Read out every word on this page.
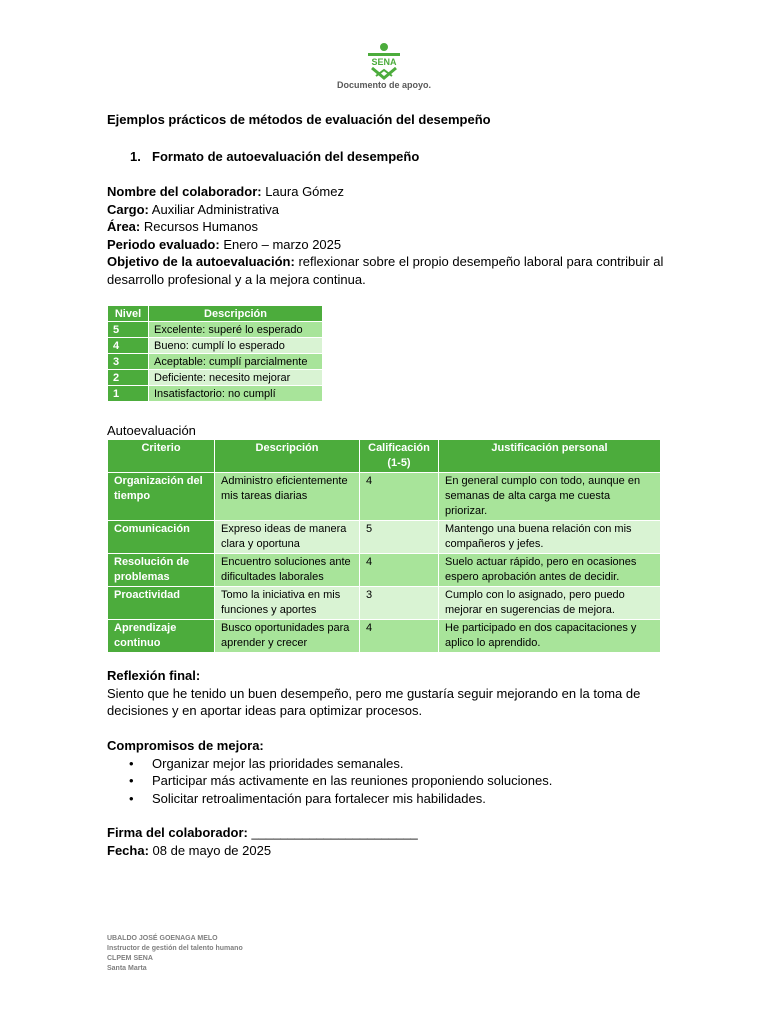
SENA
Documento de apoyo.
Ejemplos prácticos de métodos de evaluación del desempeño
1. Formato de autoevaluación del desempeño
Nombre del colaborador: Laura Gómez
Cargo: Auxiliar Administrativa
Área: Recursos Humanos
Periodo evaluado: Enero – marzo 2025
Objetivo de la autoevaluación: reflexionar sobre el propio desempeño laboral para contribuir al desarrollo profesional y a la mejora continua.
Nivel	Descripción
5	Excelente: superé lo esperado
4	Bueno: cumplí lo esperado
3	Aceptable: cumplí parcialmente
2	Deficiente: necesito mejorar
1	Insatisfactorio: no cumplí
Autoevaluación
Criterio	Descripción	Calificación (1-5)	Justificación personal
Organización del tiempo	Administro eficientemente mis tareas diarias	4	En general cumplo con todo, aunque en semanas de alta carga me cuesta priorizar.
Comunicación	Expreso ideas de manera clara y oportuna	5	Mantengo una buena relación con mis compañeros y jefes.
Resolución de problemas	Encuentro soluciones ante dificultades laborales	4	Suelo actuar rápido, pero en ocasiones espero aprobación antes de decidir.
Proactividad	Tomo la iniciativa en mis funciones y aportes	3	Cumplo con lo asignado, pero puedo mejorar en sugerencias de mejora.
Aprendizaje continuo	Busco oportunidades para aprender y crecer	4	He participado en dos capacitaciones y aplico lo aprendido.
Reflexión final:
Siento que he tenido un buen desempeño, pero me gustaría seguir mejorando en la toma de decisiones y en aportar ideas para optimizar procesos.
Compromisos de mejora:
• Organizar mejor las prioridades semanales.
• Participar más activamente en las reuniones proponiendo soluciones.
• Solicitar retroalimentación para fortalecer mis habilidades.
Firma del colaborador: _______________________
Fecha: 08 de mayo de 2025
UBALDO JOSÉ GOENAGA MELO
Instructor de gestión del talento humano
CLPEM SENA
Santa Marta
